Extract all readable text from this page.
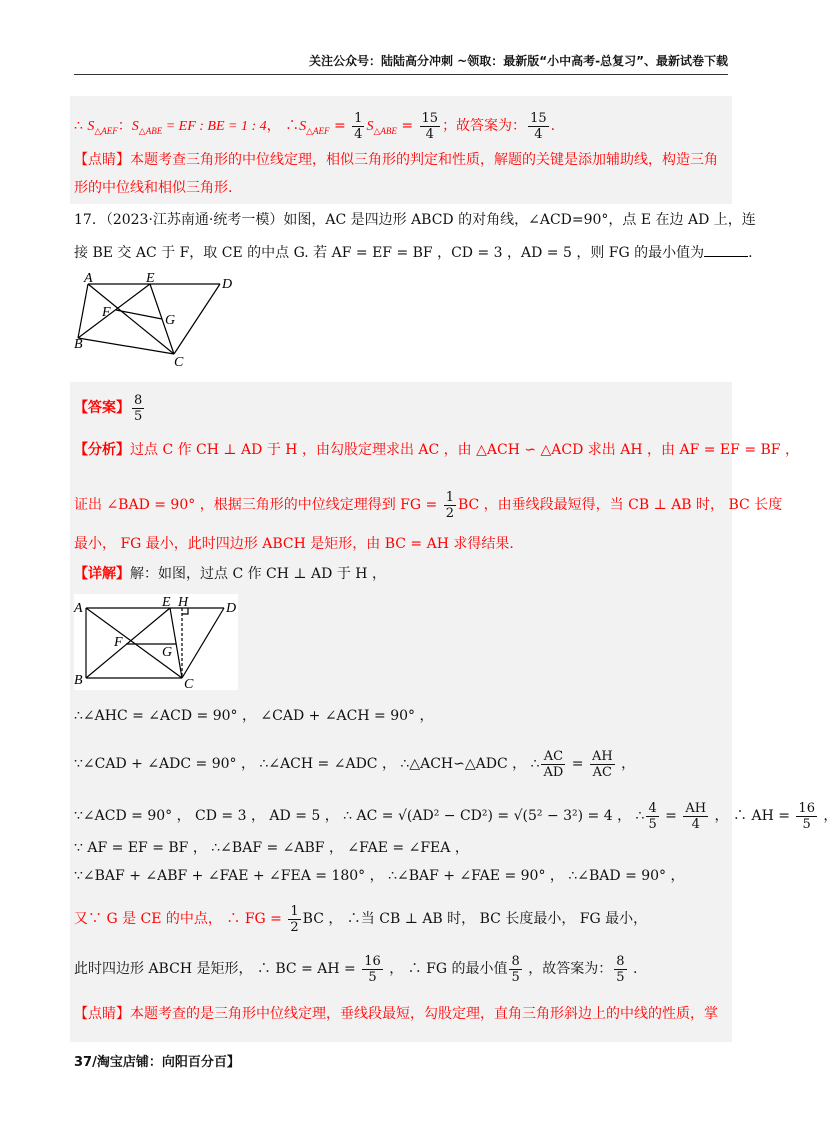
关注公众号：陆陆高分冲刺 ~领取：最新版“小中高考-总复习”、最新试卷下载
∴ $S_{\triangle AEF}$：$S_{\triangle ABE}$ = EF : BE = 1 : 4， $\therefore S_{\triangle AEF} = \frac{1}{4} S_{\triangle ABE} = \frac{15}{4}$ ；故答案为： $\frac{15}{4}$ .
【点睛】本题考查三角形的中位线定理，相似三角形的判定和性质，解题的关键是添加辅助线，构造三角
形的中位线和相似三角形.
17．（2023·江苏南通·统考一模）如图，AC 是四边形 ABCD 的对角线，∠ACD=90°，点 E 在边 AD 上，连
接 BE 交 AC 于 F，取 CE 的中点 G. 若 AF = EF = BF ，CD = 3 ，AD = 5 ，则 FG 的最小值为	.
A	E	D
F
G
B
C
【答案】 $\frac{8}{5}$
【分析】过点 C 作 CH ⊥ AD 于 H ，由勾股定理求出 AC ，由 △ACH ∽ △ACD 求出 AH ，由 AF = EF = BF ，
证出 ∠BAD = 90° ，根据三角形的中位线定理得到 FG = $\frac{1}{2}$ BC ，由垂线段最短得，当 CB ⊥ AB 时， BC 长度
最小， FG 最小，此时四边形 ABCH 是矩形，由 BC = AH 求得结果.
【详解】解：如图，过点 C 作 CH ⊥ AD 于 H ，
A	E H	D
F
G
B	C
∴∠AHC = ∠ACD = 90° ， ∠CAD + ∠ACH = 90° ，
∵∠CAD + ∠ADC = 90° ， ∴∠ACH = ∠ADC ， ∴△ACH∽△ADC ， ∴ $\frac{AC}{AD} = \frac{AH}{AC}$ ，
∵∠ACD = 90° ， CD = 3 ， AD = 5 ， ∴ AC = √(AD² − CD²) = √(5² − 3²) = 4 ， ∴ $\frac{4}{5} = \frac{AH}{4}$ ， ∴ AH = $\frac{16}{5}$ ，
∵ AF = EF = BF ， ∴∠BAF = ∠ABF ， ∠FAE = ∠FEA ，
∵∠BAF + ∠ABF + ∠FAE + ∠FEA = 180° ， ∴∠BAF + ∠FAE = 90° ， ∴∠BAD = 90° ，
又∵ G 是 CE 的中点， ∴ FG = $\frac{1}{2}$ BC ， ∴当 CB ⊥ AB 时， BC 长度最小， FG 最小，
此时四边形 ABCH 是矩形， ∴ BC = AH = $\frac{16}{5}$ ， ∴ FG 的最小值 $\frac{8}{5}$ ，故答案为： $\frac{8}{5}$ .
【点睛】本题考查的是三角形中位线定理，垂线段最短，勾股定理，直角三角形斜边上的中线的性质，掌
37/淘宝店铺：向阳百分百】
